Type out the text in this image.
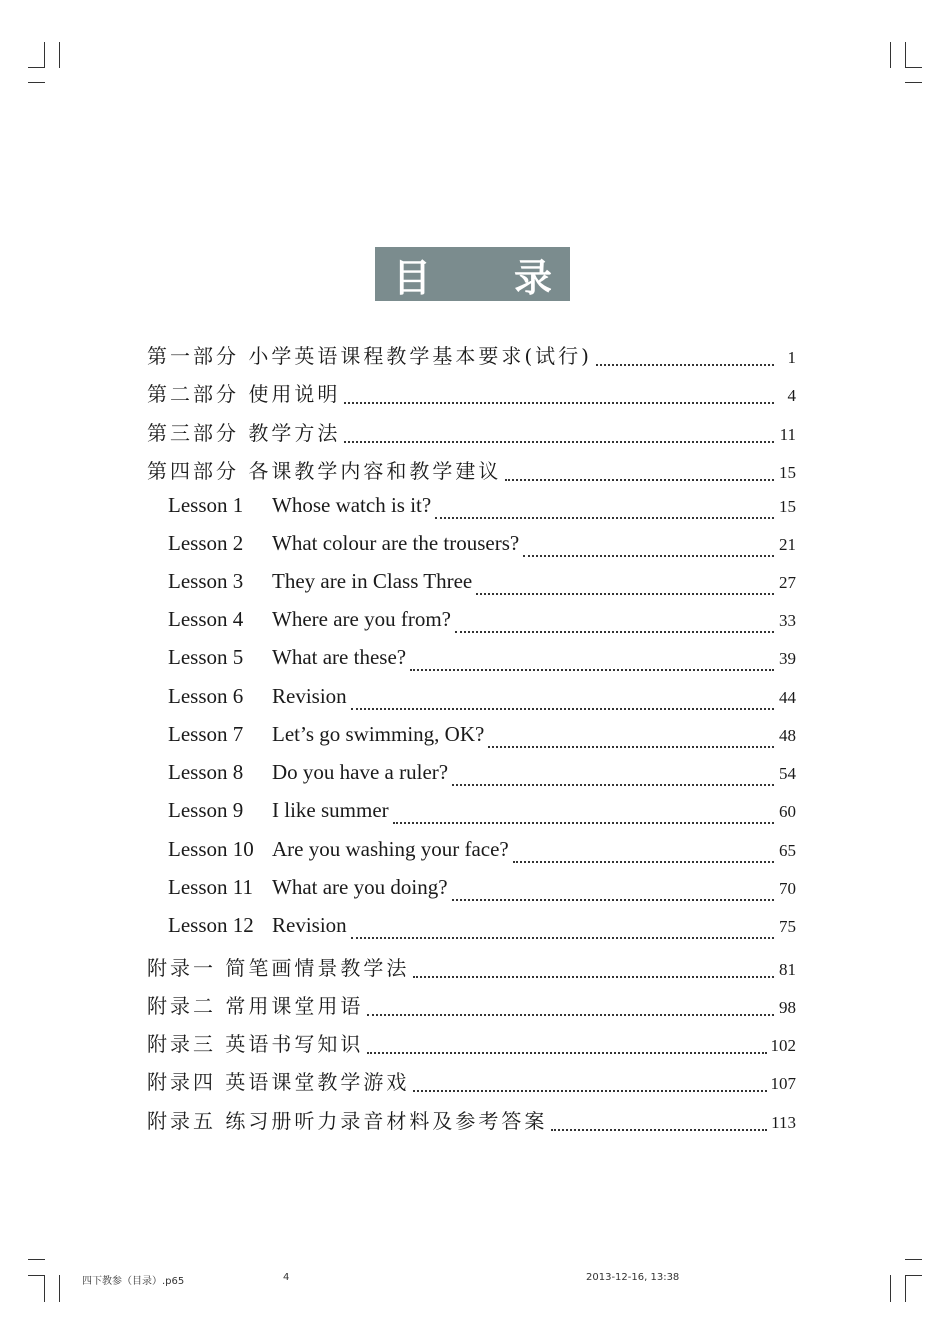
目 录
第一部分 小学英语课程教学基本要求(试行)	1
第二部分 使用说明	4
第三部分 教学方法	11
第四部分 各课教学内容和教学建议	15
Lesson 1	Whose watch is it?	15
Lesson 2	What colour are the trousers?	21
Lesson 3	They are in Class Three	27
Lesson 4	Where are you from?	33
Lesson 5	What are these?	39
Lesson 6	Revision	44
Lesson 7	Let’s go swimming, OK?	48
Lesson 8	Do you have a ruler?	54
Lesson 9	I like summer	60
Lesson 10 Are you washing your face?	65
Lesson 11 What are you doing?	70
Lesson 12 Revision	75
附录一 简笔画情景教学法	81
附录二 常用课堂用语	98
附录三 英语书写知识	102
附录四 英语课堂教学游戏	107
附录五 练习册听力录音材料及参考答案	113
四下教参（目录）.p65	4	2013-12-16, 13:38
